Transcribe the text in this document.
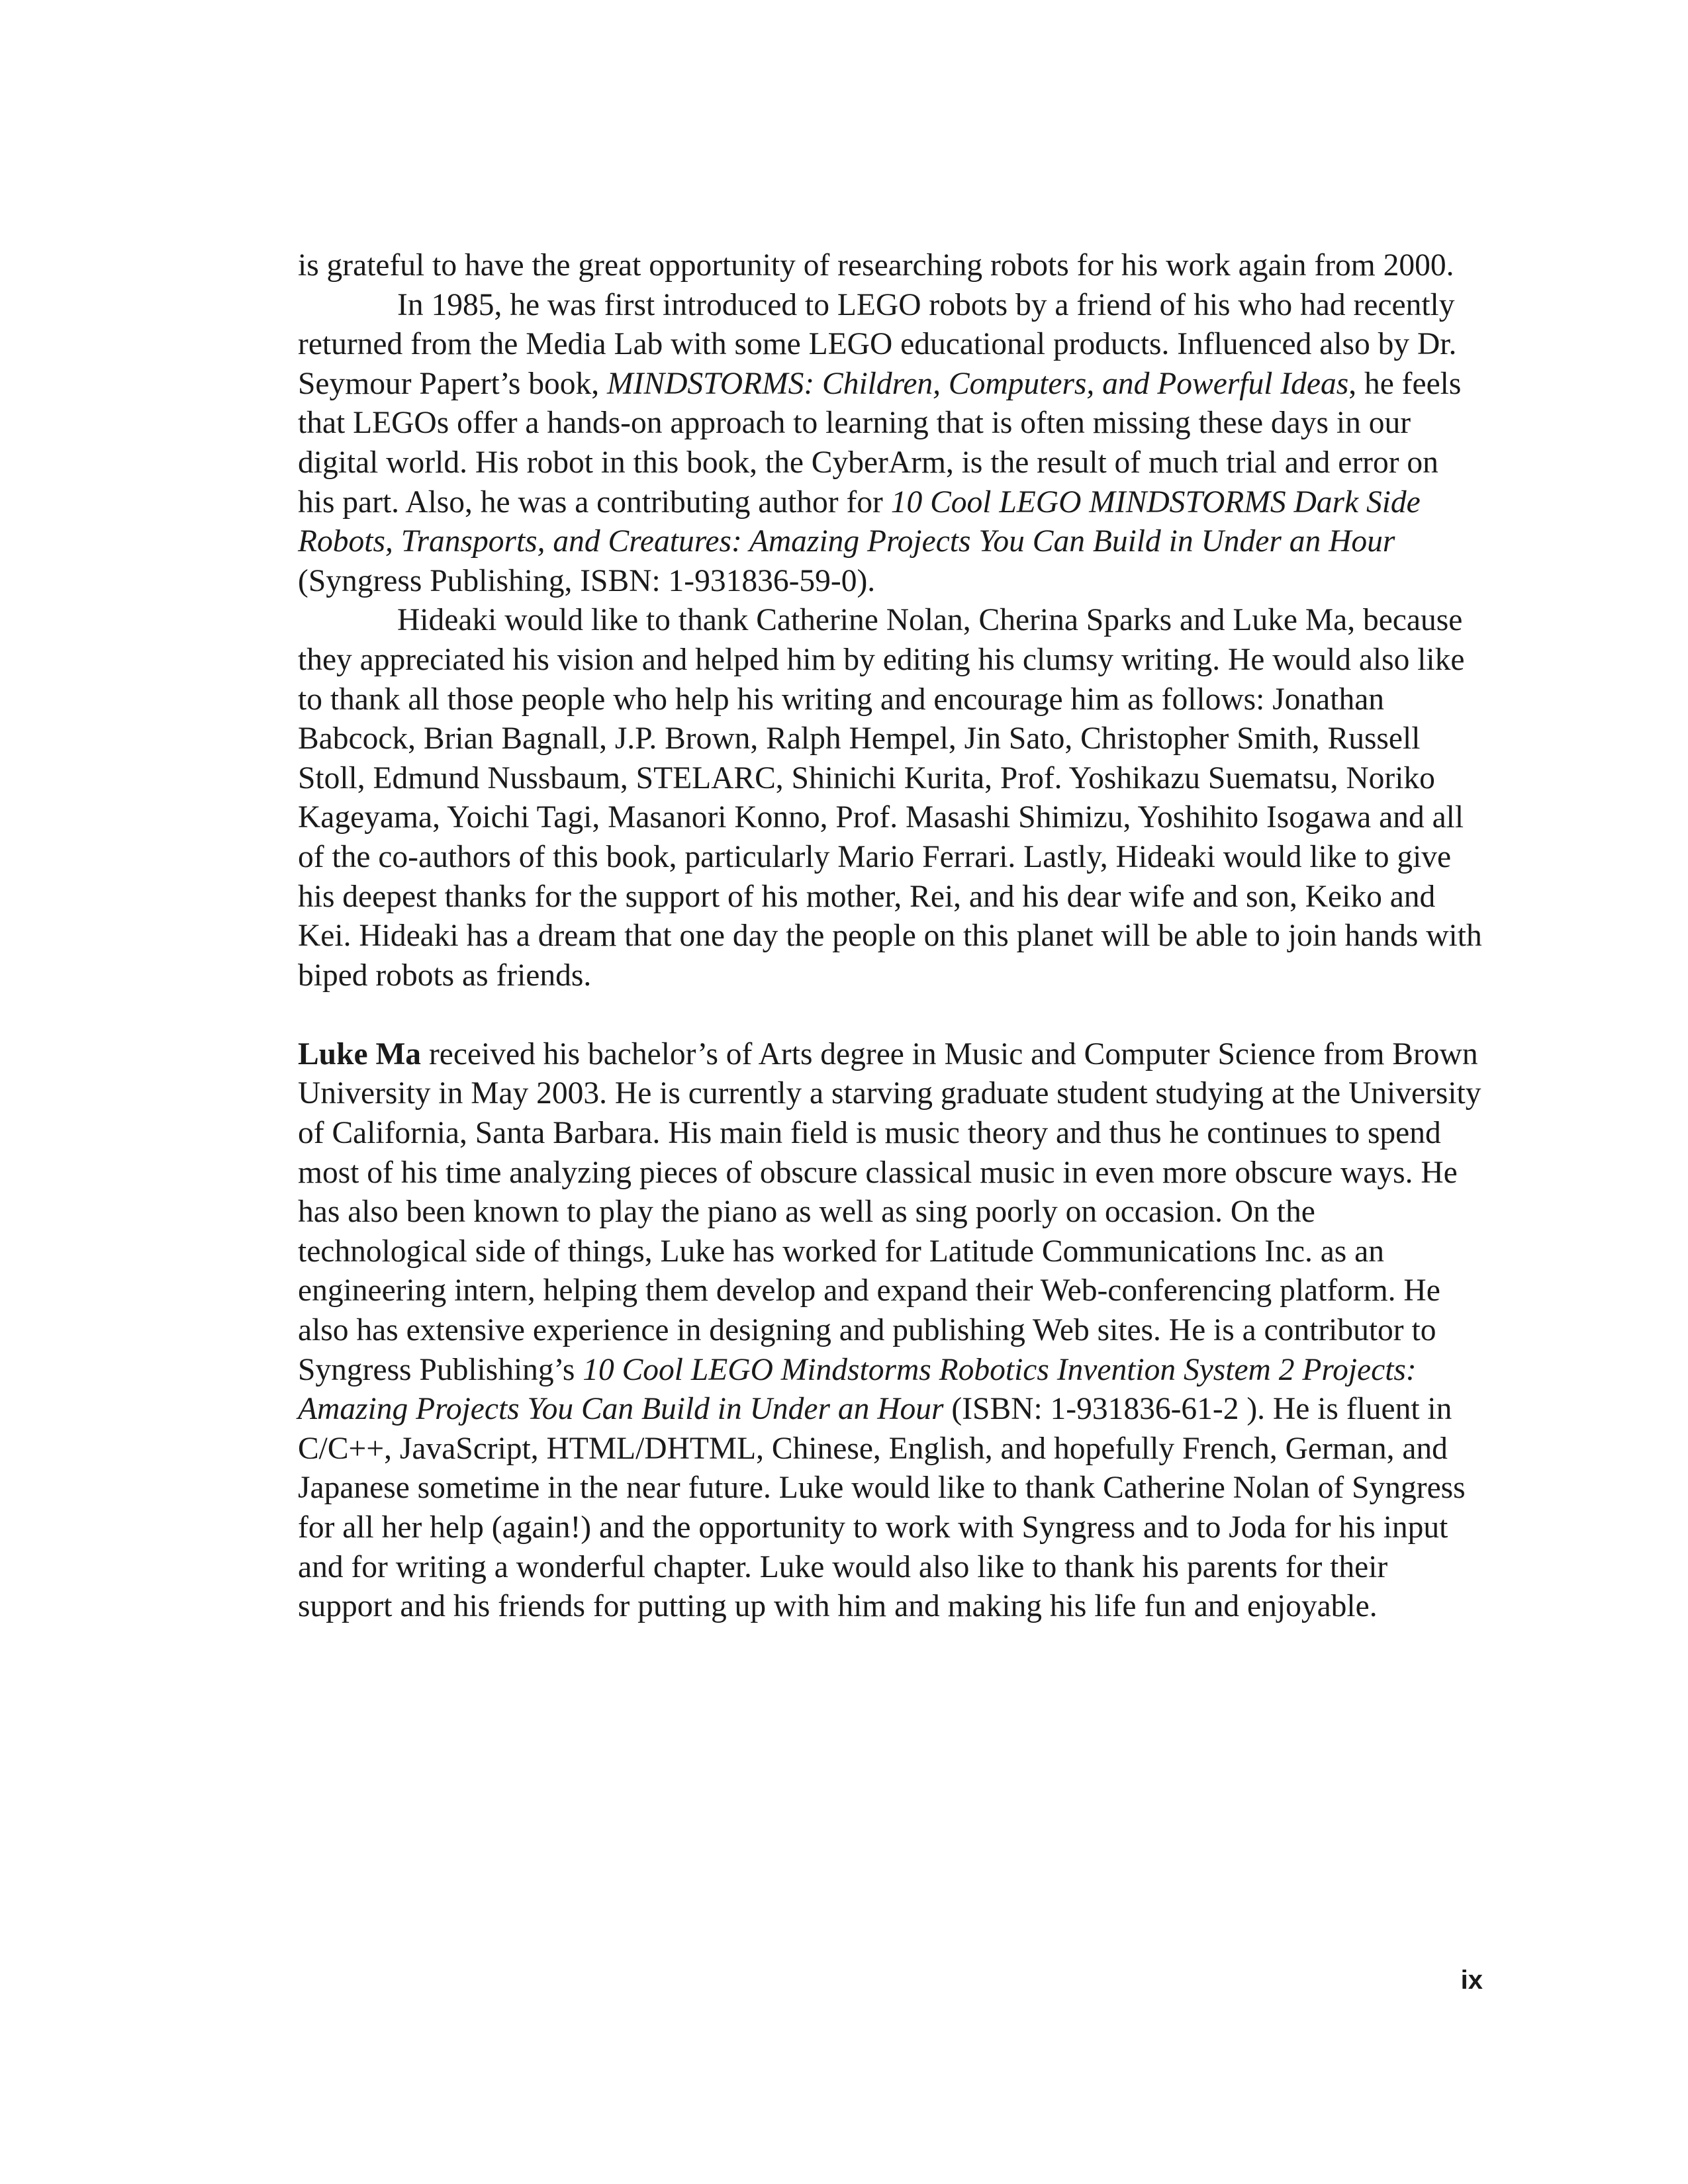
is grateful to have the great opportunity of researching robots for his work again from 2000.

In 1985, he was first introduced to LEGO robots by a friend of his who had recently returned from the Media Lab with some LEGO educational products. Influenced also by Dr. Seymour Papert’s book, MINDSTORMS: Children, Computers, and Powerful Ideas, he feels that LEGOs offer a hands-on approach to learning that is often missing these days in our digital world. His robot in this book, the CyberArm, is the result of much trial and error on his part. Also, he was a contributing author for 10 Cool LEGO MINDSTORMS Dark Side Robots, Transports, and Creatures: Amazing Projects You Can Build in Under an Hour (Syngress Publishing, ISBN: 1-931836-59-0).

Hideaki would like to thank Catherine Nolan, Cherina Sparks and Luke Ma, because they appreciated his vision and helped him by editing his clumsy writing. He would also like to thank all those people who help his writing and encourage him as follows: Jonathan Babcock, Brian Bagnall, J.P. Brown, Ralph Hempel, Jin Sato, Christopher Smith, Russell Stoll, Edmund Nussbaum, STELARC, Shinichi Kurita, Prof. Yoshikazu Suematsu, Noriko Kageyama, Yoichi Tagi, Masanori Konno, Prof. Masashi Shimizu, Yoshihito Isogawa and all of the co-authors of this book, particularly Mario Ferrari. Lastly, Hideaki would like to give his deepest thanks for the support of his mother, Rei, and his dear wife and son, Keiko and Kei. Hideaki has a dream that one day the people on this planet will be able to join hands with biped robots as friends.

Luke Ma received his bachelor’s of Arts degree in Music and Computer Science from Brown University in May 2003. He is currently a starving graduate student studying at the University of California, Santa Barbara. His main field is music theory and thus he continues to spend most of his time analyzing pieces of obscure classical music in even more obscure ways. He has also been known to play the piano as well as sing poorly on occasion. On the technological side of things, Luke has worked for Latitude Communications Inc. as an engineering intern, helping them develop and expand their Web-conferencing platform. He also has extensive experience in designing and publishing Web sites. He is a contributor to Syngress Publishing’s 10 Cool LEGO Mindstorms Robotics Invention System 2 Projects: Amazing Projects You Can Build in Under an Hour (ISBN: 1-931836-61-2 ). He is fluent in C/C++, JavaScript, HTML/DHTML, Chinese, English, and hopefully French, German, and Japanese sometime in the near future. Luke would like to thank Catherine Nolan of Syngress for all her help (again!) and the opportunity to work with Syngress and to Joda for his input and for writing a wonderful chapter. Luke would also like to thank his parents for their support and his friends for putting up with him and making his life fun and enjoyable.

ix
